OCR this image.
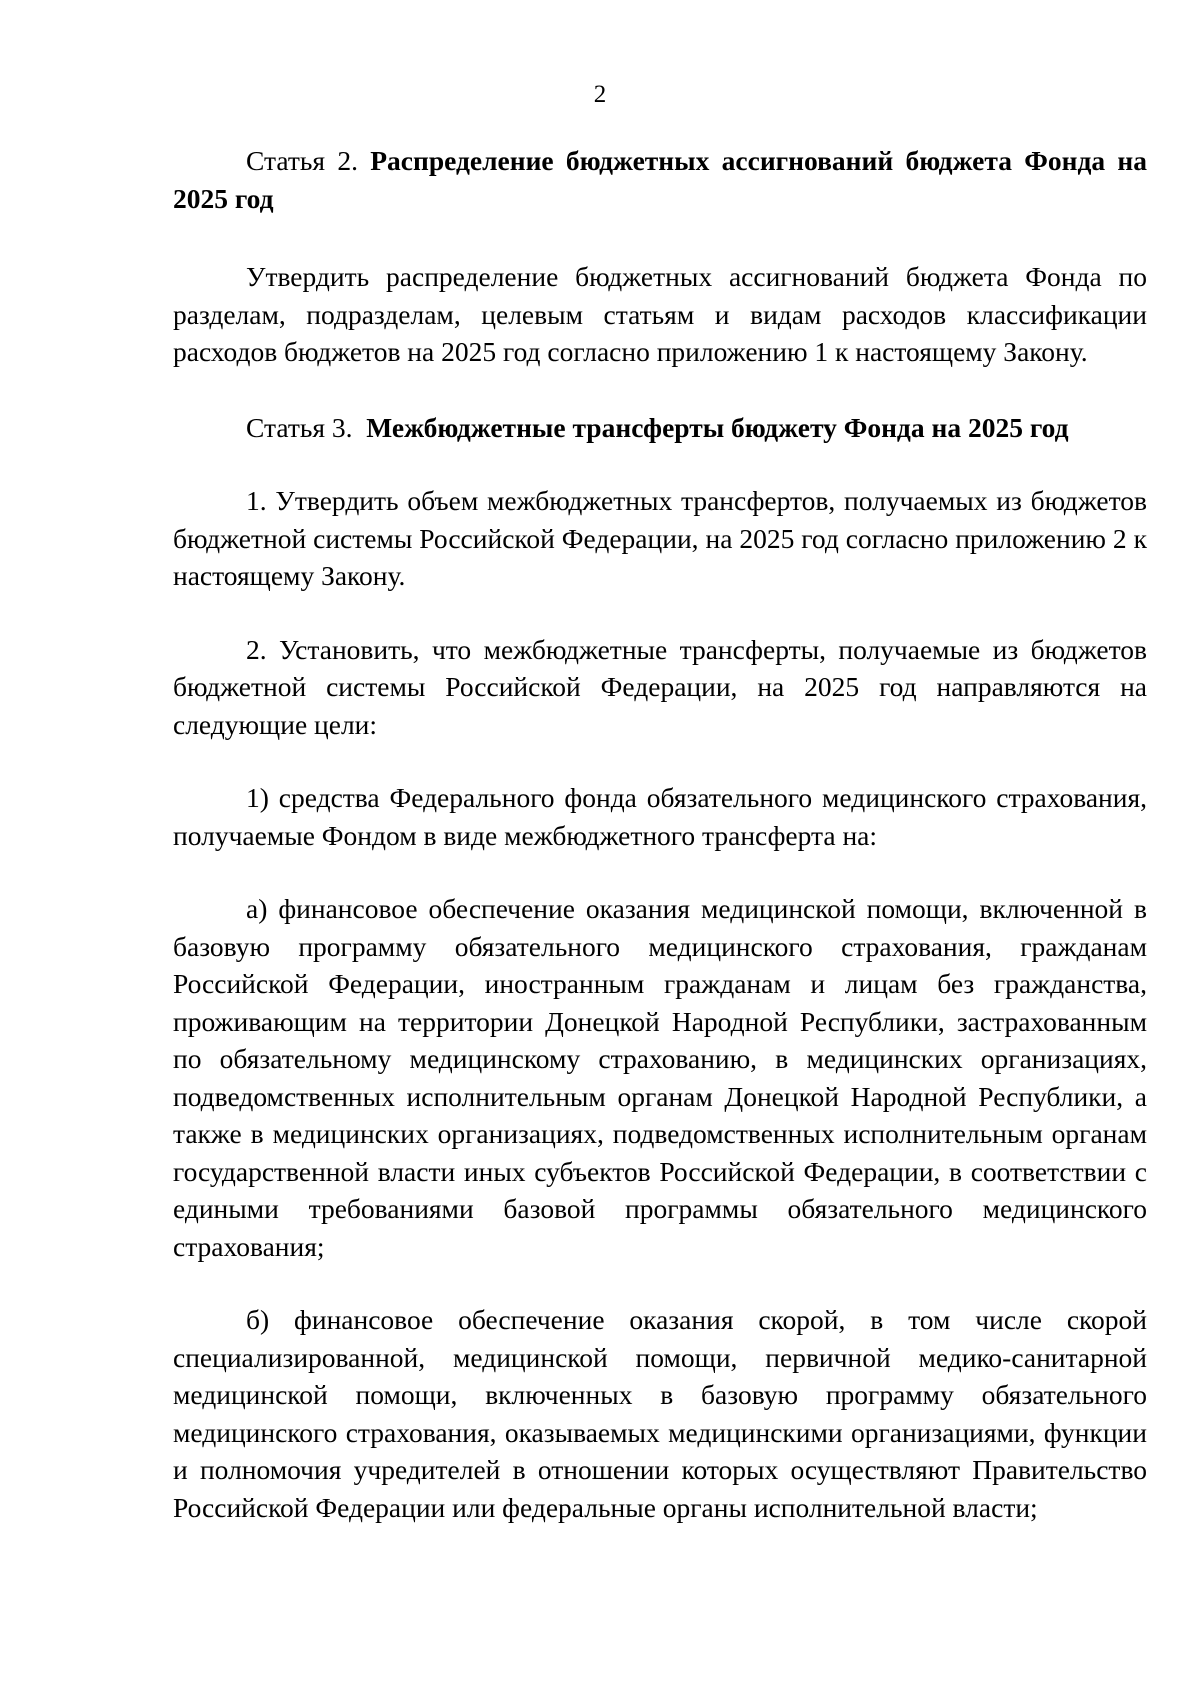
2

Статья 2. Распределение бюджетных ассигнований бюджета Фонда на 2025 год

Утвердить распределение бюджетных ассигнований бюджета Фонда по разделам, подразделам, целевым статьям и видам расходов классификации расходов бюджетов на 2025 год согласно приложению 1 к настоящему Закону.

Статья 3. Межбюджетные трансферты бюджету Фонда на 2025 год

1. Утвердить объем межбюджетных трансфертов, получаемых из бюджетов бюджетной системы Российской Федерации, на 2025 год согласно приложению 2 к настоящему Закону.

2. Установить, что межбюджетные трансферты, получаемые из бюджетов бюджетной системы Российской Федерации, на 2025 год направляются на следующие цели:

1) средства Федерального фонда обязательного медицинского страхования, получаемые Фондом в виде межбюджетного трансферта на:

а) финансовое обеспечение оказания медицинской помощи, включенной в базовую программу обязательного медицинского страхования, гражданам Российской Федерации, иностранным гражданам и лицам без гражданства, проживающим на территории Донецкой Народной Республики, застрахованным по обязательному медицинскому страхованию, в медицинских организациях, подведомственных исполнительным органам Донецкой Народной Республики, а также в медицинских организациях, подведомственных исполнительным органам государственной власти иных субъектов Российской Федерации, в соответствии с едиными требованиями базовой программы обязательного медицинского страхования;

б) финансовое обеспечение оказания скорой, в том числе скорой специализированной, медицинской помощи, первичной медико-санитарной медицинской помощи, включенных в базовую программу обязательного медицинского страхования, оказываемых медицинскими организациями, функции и полномочия учредителей в отношении которых осуществляют Правительство Российской Федерации или федеральные органы исполнительной власти;
